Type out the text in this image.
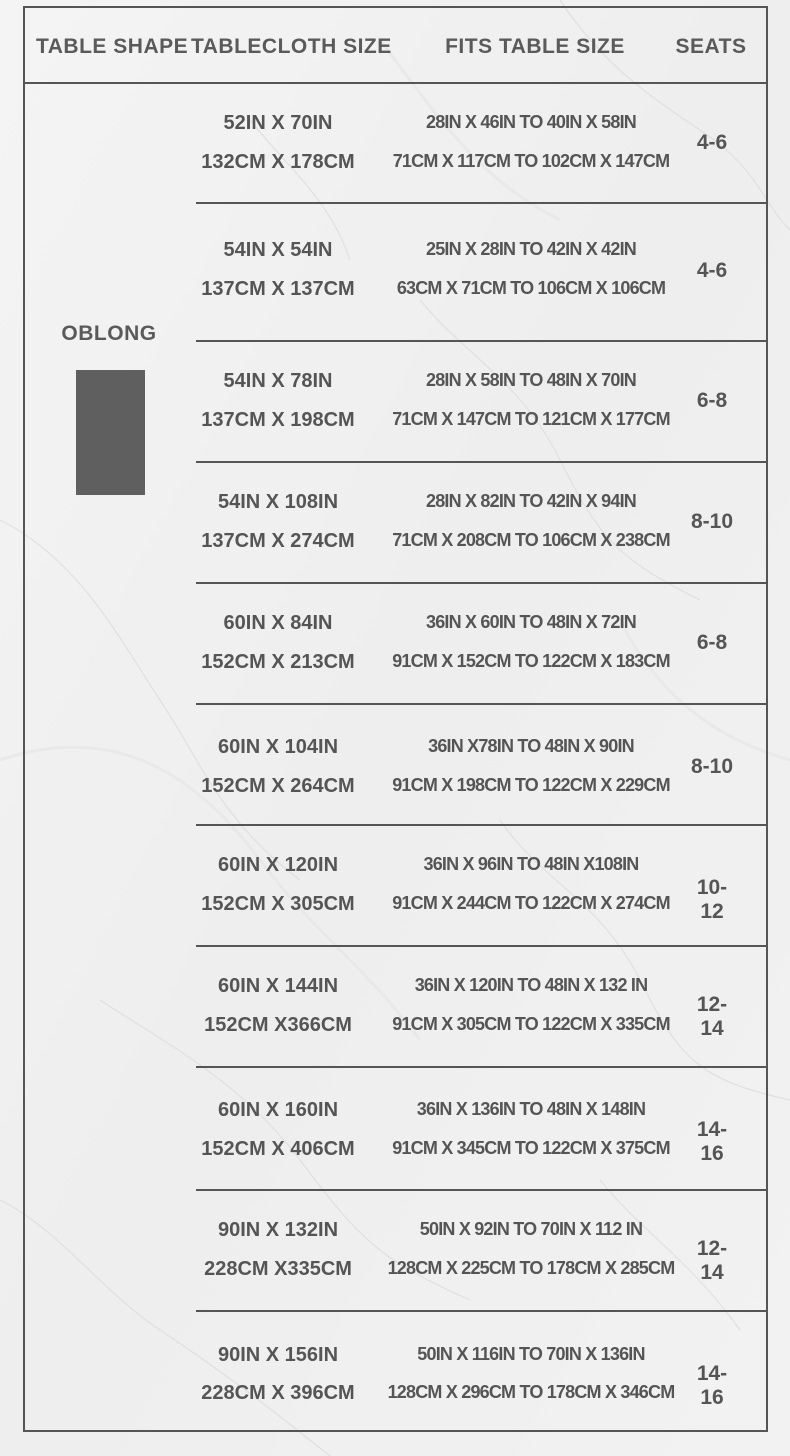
TABLE SHAPE TABLECLOTH SIZE	FITS TABLE SIZE	SEATS
OBLONG
52IN X 70IN
132CM X 178CM
28IN X 46IN TO 40IN X 58IN
71CM X 117CM TO 102CM X 147CM
4-6
54IN X 54IN
137CM X 137CM
25IN X 28IN TO 42IN X 42IN
63CM X 71CM TO 106CM X 106CM
4-6
54IN X 78IN
137CM X 198CM
28IN X 58IN TO 48IN X 70IN
71CM X 147CM TO 121CM X 177CM
6-8
54IN X 108IN
137CM X 274CM
28IN X 82IN TO 42IN X 94IN
71CM X 208CM TO 106CM X 238CM
8-10
60IN X 84IN
152CM X 213CM
36IN X 60IN TO 48IN X 72IN
91CM X 152CM TO 122CM X 183CM
6-8
60IN X 104IN
152CM X 264CM
36IN X78IN TO 48IN X 90IN
91CM X 198CM TO 122CM X 229CM
8-10
60IN X 120IN
152CM X 305CM
36IN X 96IN TO 48IN X108IN
91CM X 244CM TO 122CM X 274CM
10-12
60IN X 144IN
152CM X366CM
36IN X 120IN TO 48IN X 132 IN
91CM X 305CM TO 122CM X 335CM
12-14
60IN X 160IN
152CM X 406CM
36IN X 136IN TO 48IN X 148IN
91CM X 345CM TO 122CM X 375CM
14-16
90IN X 132IN
228CM X335CM
50IN X 92IN TO 70IN X 112 IN
128CM X 225CM TO 178CM X 285CM
12-14
90IN X 156IN
228CM X 396CM
50IN X 116IN TO 70IN X 136IN
128CM X 296CM TO 178CM X 346CM
14-16
